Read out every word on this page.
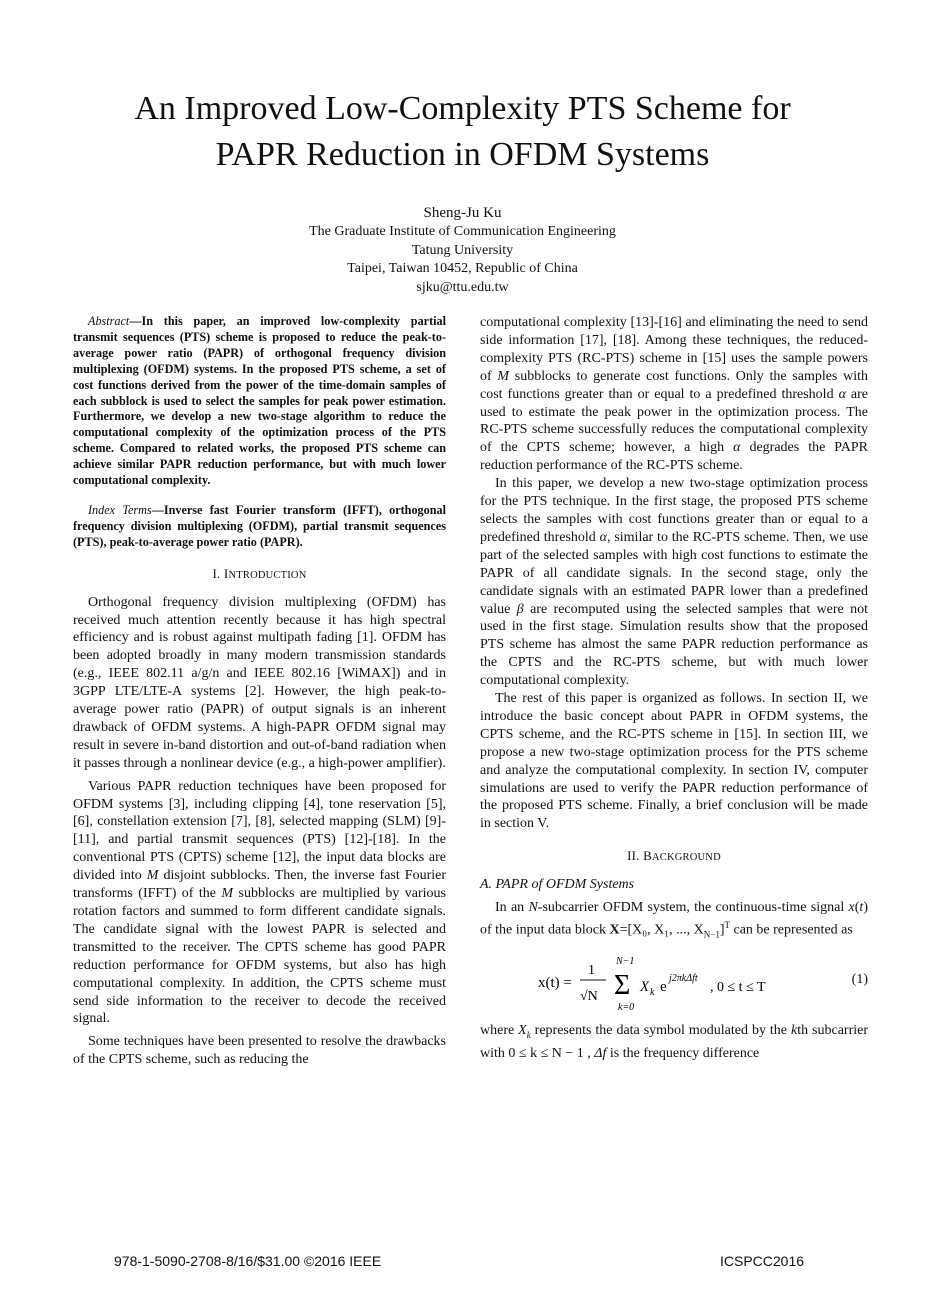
An Improved Low-Complexity PTS Scheme for
PAPR Reduction in OFDM Systems
Sheng-Ju Ku
The Graduate Institute of Communication Engineering
Tatung University
Taipei, Taiwan 10452, Republic of China
sjku@ttu.edu.tw

Abstract—In this paper, an improved low-complexity partial transmit sequences (PTS) scheme is proposed to reduce the peak-to-average power ratio (PAPR) of orthogonal frequency division multiplexing (OFDM) systems. In the proposed PTS scheme, a set of cost functions derived from the power of the time-domain samples of each subblock is used to select the samples for peak power estimation. Furthermore, we develop a new two-stage algorithm to reduce the computational complexity of the optimization process of the PTS scheme. Compared to related works, the proposed PTS scheme can achieve similar PAPR reduction performance, but with much lower computational complexity.

Index Terms—Inverse fast Fourier transform (IFFT), orthogonal frequency division multiplexing (OFDM), partial transmit sequences (PTS), peak-to-average power ratio (PAPR).

I. INTRODUCTION

Orthogonal frequency division multiplexing (OFDM) has received much attention recently because it has high spectral efficiency and is robust against multipath fading [1]. OFDM has been adopted broadly in many modern transmission standards (e.g., IEEE 802.11 a/g/n and IEEE 802.16 [WiMAX]) and in 3GPP LTE/LTE-A systems [2]. However, the high peak-to-average power ratio (PAPR) of output signals is an inherent drawback of OFDM systems. A high-PAPR OFDM signal may result in severe in-band distortion and out-of-band radiation when it passes through a nonlinear device (e.g., a high-power amplifier).

Various PAPR reduction techniques have been proposed for OFDM systems [3], including clipping [4], tone reservation [5], [6], constellation extension [7], [8], selected mapping (SLM) [9]-[11], and partial transmit sequences (PTS) [12]-[18]. In the conventional PTS (CPTS) scheme [12], the input data blocks are divided into M disjoint subblocks. Then, the inverse fast Fourier transforms (IFFT) of the M subblocks are multiplied by various rotation factors and summed to form different candidate signals. The candidate signal with the lowest PAPR is selected and transmitted to the receiver. The CPTS scheme has good PAPR reduction performance for OFDM systems, but also has high computational complexity. In addition, the CPTS scheme must send side information to the receiver to decode the received signal.

Some techniques have been presented to resolve the drawbacks of the CPTS scheme, such as reducing the

computational complexity [13]-[16] and eliminating the need to send side information [17], [18]. Among these techniques, the reduced-complexity PTS (RC-PTS) scheme in [15] uses the sample powers of M subblocks to generate cost functions. Only the samples with cost functions greater than or equal to a predefined threshold α are used to estimate the peak power in the optimization process. The RC-PTS scheme successfully reduces the computational complexity of the CPTS scheme; however, a high α degrades the PAPR reduction performance of the RC-PTS scheme.

In this paper, we develop a new two-stage optimization process for the PTS technique. In the first stage, the proposed PTS scheme selects the samples with cost functions greater than or equal to a predefined threshold α, similar to the RC-PTS scheme. Then, we use part of the selected samples with high cost functions to estimate the PAPR of all candidate signals. In the second stage, only the candidate signals with an estimated PAPR lower than a predefined value β are recomputed using the selected samples that were not used in the first stage. Simulation results show that the proposed PTS scheme has almost the same PAPR reduction performance as the CPTS and the RC-PTS scheme, but with much lower computational complexity.

The rest of this paper is organized as follows. In section II, we introduce the basic concept about PAPR in OFDM systems, the CPTS scheme, and the RC-PTS scheme in [15]. In section III, we propose a new two-stage optimization process for the PTS scheme and analyze the computational complexity. In section IV, computer simulations are used to verify the PAPR reduction performance of the proposed PTS scheme. Finally, a brief conclusion will be made in section V.

II. BACKGROUND
A. PAPR of OFDM Systems

In an N-subcarrier OFDM system, the continuous-time signal x(t) of the input data block X=[X₀, X₁, ..., $X_{N-1}]^T$ can be represented as

x(t) =
1
√N
N−1
Σ
k=0
X k e
j2πkΔft
, 0 ≤ t ≤ T
(1)

where $X_k$ represents the data symbol modulated by the kth subcarrier with 0 ≤ k ≤ N − 1 , Δf is the frequency difference

978-1-5090-2708-8/16/$31.00 ©2016 IEEE	ICSPCC2016
